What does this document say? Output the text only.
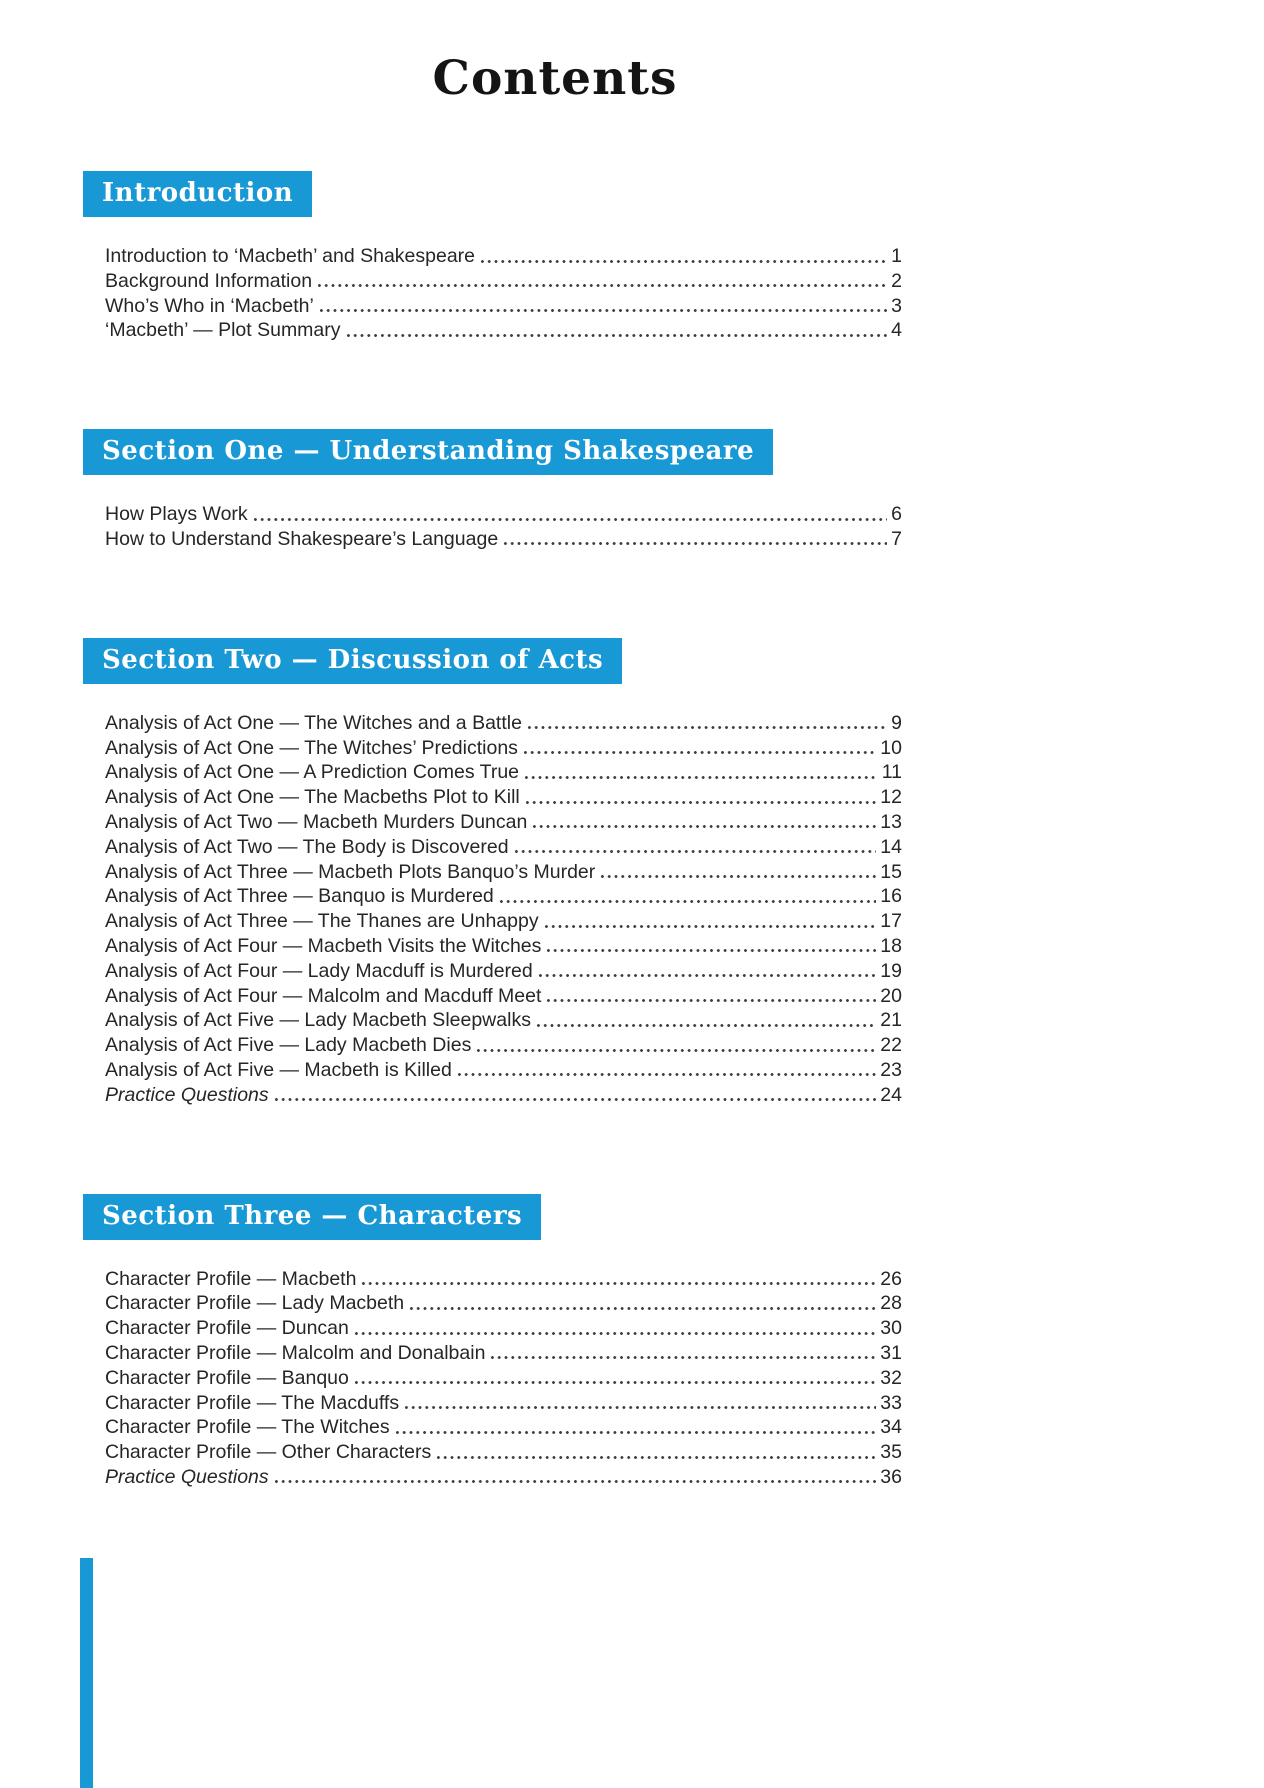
Contents
Introduction
Introduction to ‘Macbeth’ and Shakespeare	1
Background Information	2
Who’s Who in ‘Macbeth’	3
‘Macbeth’ — Plot Summary	4
Section One — Understanding Shakespeare
How Plays Work	6
How to Understand Shakespeare’s Language	7
Section Two — Discussion of Acts
Analysis of Act One — The Witches and a Battle	9
Analysis of Act One — The Witches’ Predictions	10
Analysis of Act One — A Prediction Comes True	11
Analysis of Act One — The Macbeths Plot to Kill	12
Analysis of Act Two — Macbeth Murders Duncan	13
Analysis of Act Two — The Body is Discovered	14
Analysis of Act Three — Macbeth Plots Banquo’s Murder	15
Analysis of Act Three — Banquo is Murdered	16
Analysis of Act Three — The Thanes are Unhappy	17
Analysis of Act Four — Macbeth Visits the Witches	18
Analysis of Act Four — Lady Macduff is Murdered	19
Analysis of Act Four — Malcolm and Macduff Meet	20
Analysis of Act Five — Lady Macbeth Sleepwalks	21
Analysis of Act Five — Lady Macbeth Dies	22
Analysis of Act Five — Macbeth is Killed	23
Practice Questions	24
Section Three — Characters
Character Profile — Macbeth	26
Character Profile — Lady Macbeth	28
Character Profile — Duncan	30
Character Profile — Malcolm and Donalbain	31
Character Profile — Banquo	32
Character Profile — The Macduffs	33
Character Profile — The Witches	34
Character Profile — Other Characters	35
Practice Questions	36
